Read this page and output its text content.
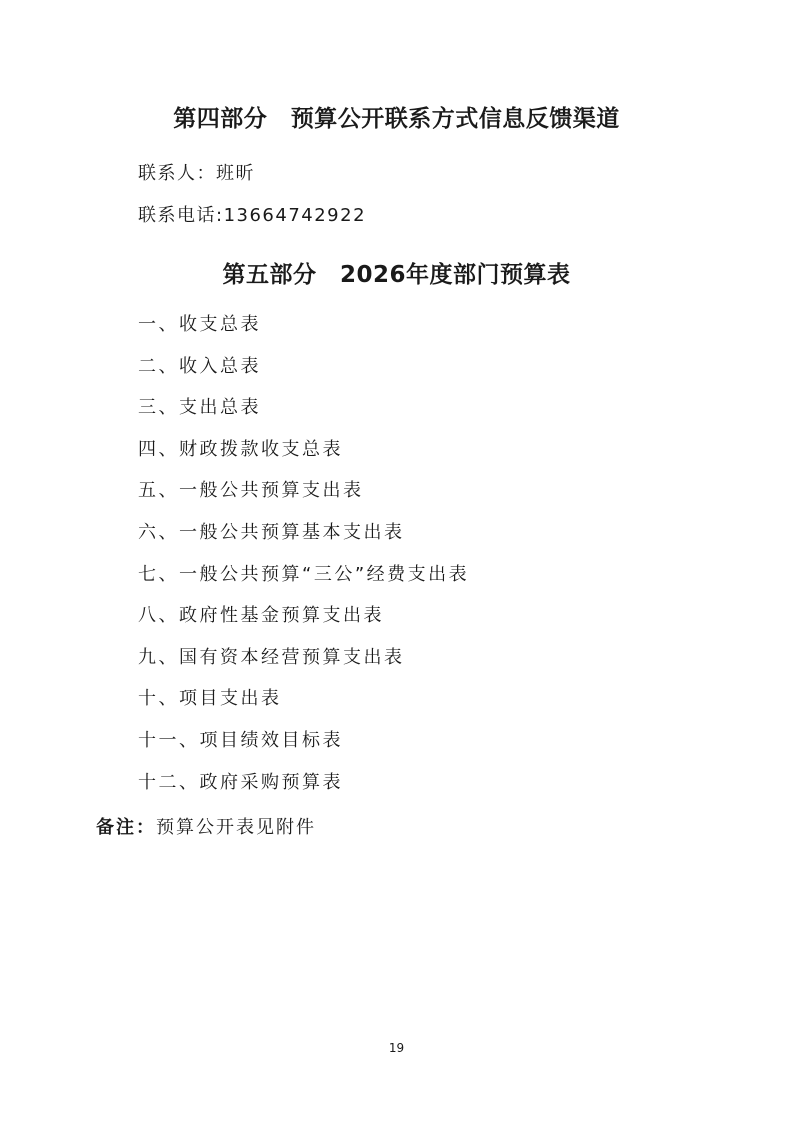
第四部分　预算公开联系方式信息反馈渠道
联系人：班昕
联系电话:13664742922
第五部分　2026年度部门预算表
一、收支总表
二、收入总表
三、支出总表
四、财政拨款收支总表
五、一般公共预算支出表
六、一般公共预算基本支出表
七、一般公共预算“三公”经费支出表
八、政府性基金预算支出表
九、国有资本经营预算支出表
十、项目支出表
十一、项目绩效目标表
十二、政府采购预算表
备注：预算公开表见附件
19
